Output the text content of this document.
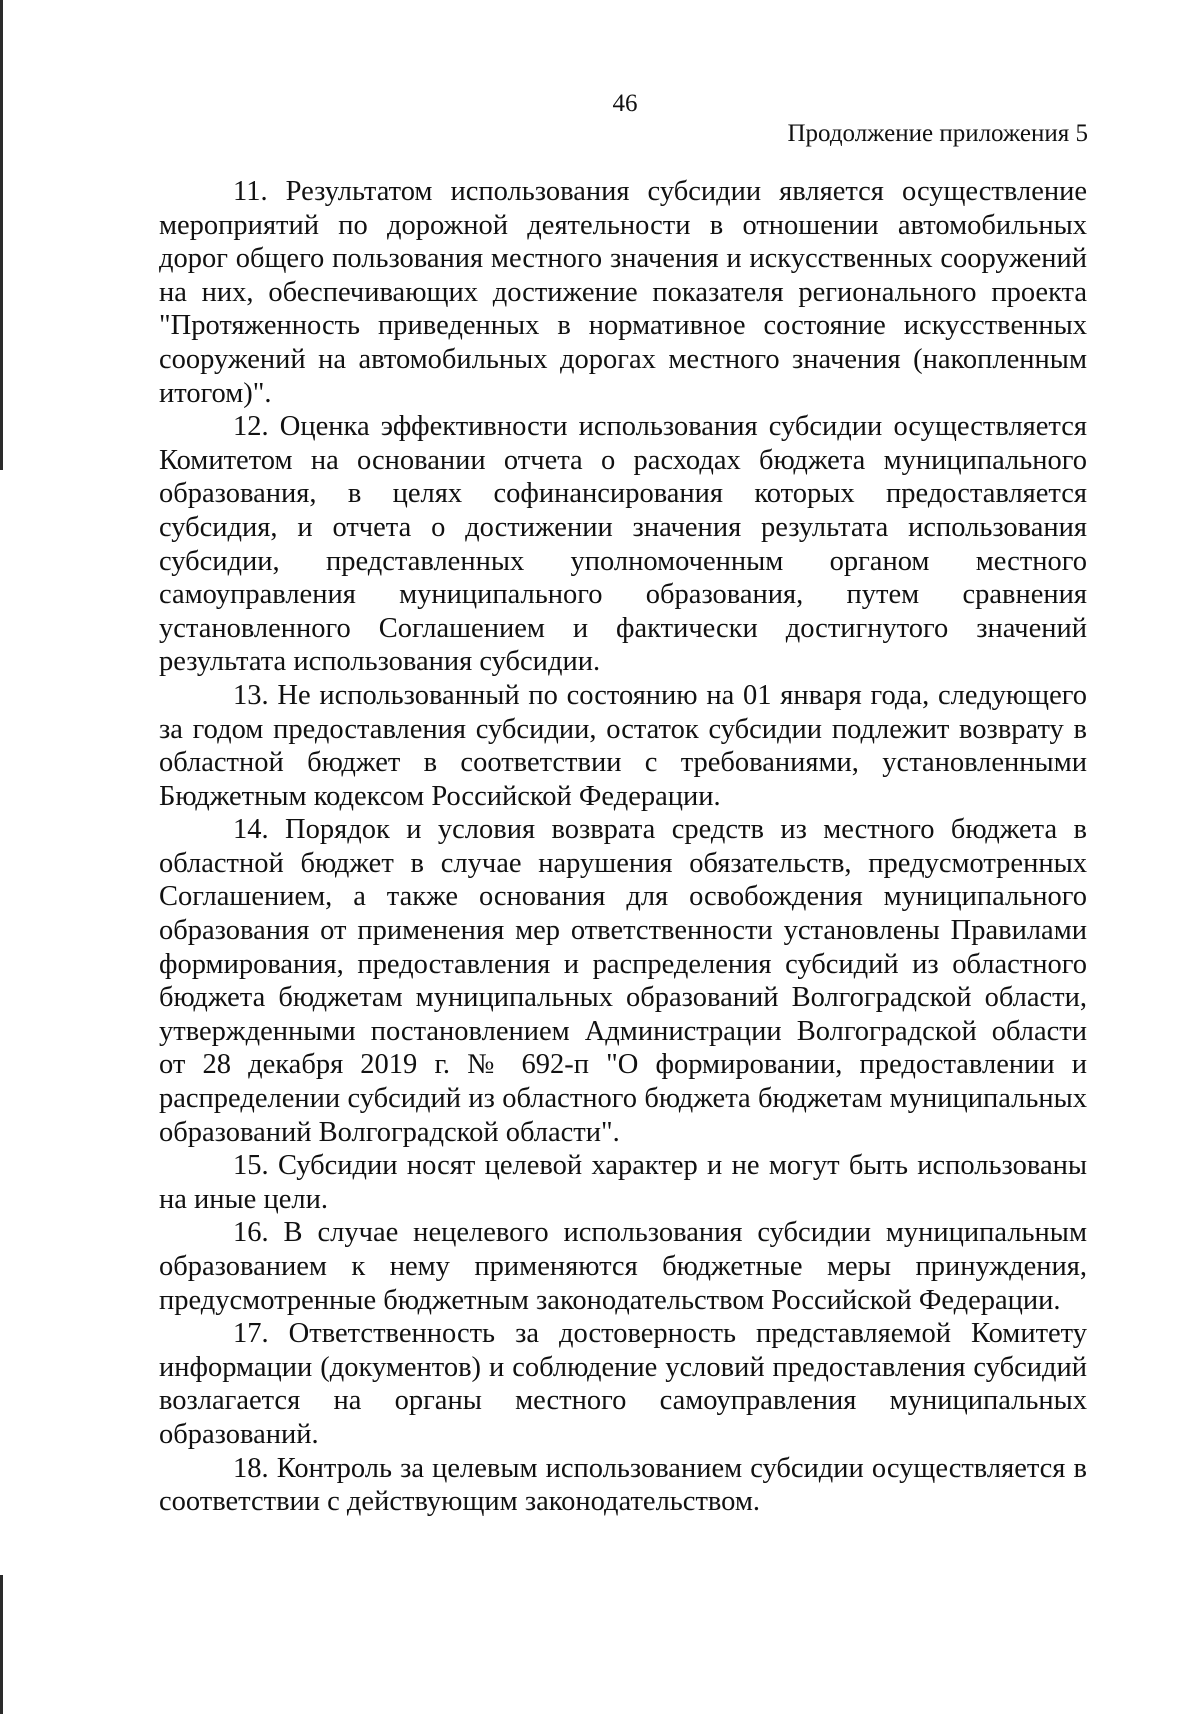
46
Продолжение приложения 5

11. Результатом использования субсидии является осуществление мероприятий по дорожной деятельности в отношении автомобильных дорог общего пользования местного значения и искусственных сооружений на них, обеспечивающих достижение показателя регионального проекта "Протяженность приведенных в нормативное состояние искусственных сооружений на автомобильных дорогах местного значения (накопленным итогом)".

12. Оценка эффективности использования субсидии осуществляется Комитетом на основании отчета о расходах бюджета муниципального образования, в целях софинансирования которых предоставляется субсидия, и отчета о достижении значения результата использования субсидии, представленных уполномоченным органом местного самоуправления муниципального образования, путем сравнения установленного Соглашением и фактически достигнутого значений результата использования субсидии.

13. Не использованный по состоянию на 01 января года, следующего за годом предоставления субсидии, остаток субсидии подлежит возврату в областной бюджет в соответствии с требованиями, установленными Бюджетным кодексом Российской Федерации.

14. Порядок и условия возврата средств из местного бюджета в областной бюджет в случае нарушения обязательств, предусмотренных Соглашением, а также основания для освобождения муниципального образования от применения мер ответственности установлены Правилами формирования, предоставления и распределения субсидий из областного бюджета бюджетам муниципальных образований Волгоградской области, утвержденными постановлением Администрации Волгоградской области от 28 декабря 2019 г. № 692-п "О формировании, предоставлении и распределении субсидий из областного бюджета бюджетам муниципальных образований Волгоградской области".

15. Субсидии носят целевой характер и не могут быть использованы на иные цели.

16. В случае нецелевого использования субсидии муниципальным образованием к нему применяются бюджетные меры принуждения, предусмотренные бюджетным законодательством Российской Федерации.

17. Ответственность за достоверность представляемой Комитету информации (документов) и соблюдение условий предоставления субсидий возлагается на органы местного самоуправления муниципальных образований.

18. Контроль за целевым использованием субсидии осуществляется в соответствии с действующим законодательством.
